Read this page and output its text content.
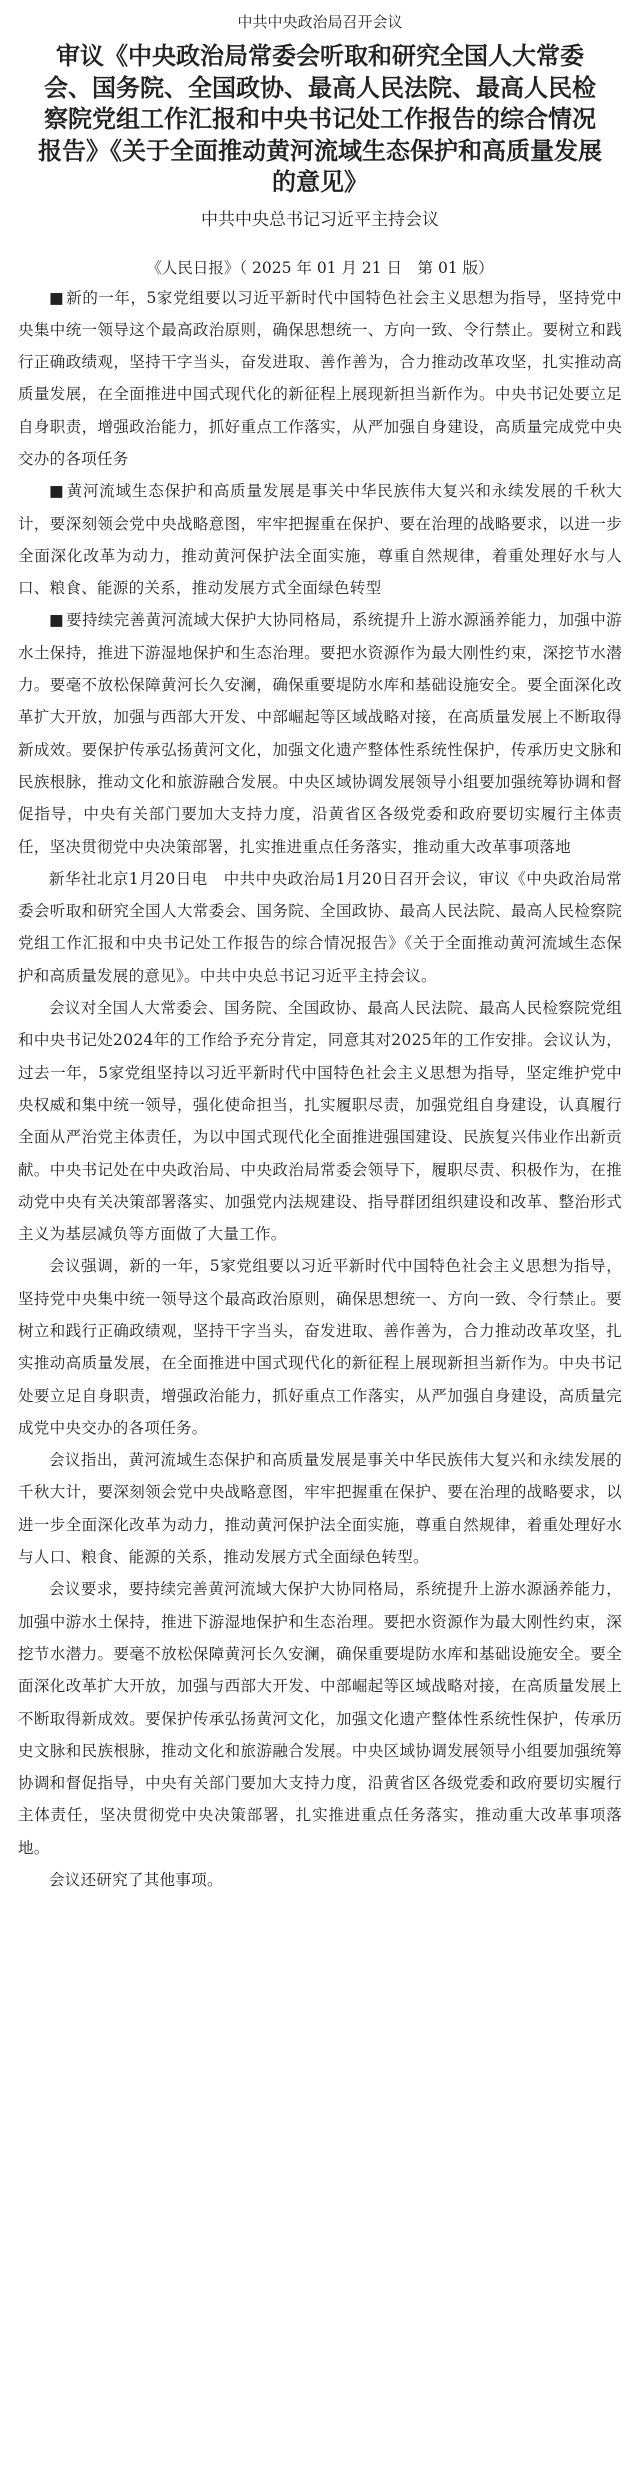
中共中央政治局召开会议
审议《中央政治局常委会听取和研究全国人大常委会、国务院、全国政协、最高人民法院、最高人民检察院党组工作汇报和中央书记处工作报告的综合情况报告》《关于全面推动黄河流域生态保护和高质量发展的意见》
中共中央总书记习近平主持会议
《人民日报》（ 2025 年 01 月 21 日　第 01 版）

■ 新的一年，5家党组要以习近平新时代中国特色社会主义思想为指导，坚持党中央集中统一领导这个最高政治原则，确保思想统一、方向一致、令行禁止。要树立和践行正确政绩观，坚持干字当头，奋发进取、善作善为，合力推动改革攻坚，扎实推动高质量发展，在全面推进中国式现代化的新征程上展现新担当新作为。中央书记处要立足自身职责，增强政治能力，抓好重点工作落实，从严加强自身建设，高质量完成党中央交办的各项任务

■ 黄河流域生态保护和高质量发展是事关中华民族伟大复兴和永续发展的千秋大计，要深刻领会党中央战略意图，牢牢把握重在保护、要在治理的战略要求，以进一步全面深化改革为动力，推动黄河保护法全面实施，尊重自然规律，着重处理好水与人口、粮食、能源的关系，推动发展方式全面绿色转型

■ 要持续完善黄河流域大保护大协同格局，系统提升上游水源涵养能力，加强中游水土保持，推进下游湿地保护和生态治理。要把水资源作为最大刚性约束，深挖节水潜力。要毫不放松保障黄河长久安澜，确保重要堤防水库和基础设施安全。要全面深化改革扩大开放，加强与西部大开发、中部崛起等区域战略对接，在高质量发展上不断取得新成效。要保护传承弘扬黄河文化，加强文化遗产整体性系统性保护，传承历史文脉和民族根脉，推动文化和旅游融合发展。中央区域协调发展领导小组要加强统筹协调和督促指导，中央有关部门要加大支持力度，沿黄省区各级党委和政府要切实履行主体责任，坚决贯彻党中央决策部署，扎实推进重点任务落实，推动重大改革事项落地

新华社北京1月20日电　中共中央政治局1月20日召开会议，审议《中央政治局常委会听取和研究全国人大常委会、国务院、全国政协、最高人民法院、最高人民检察院党组工作汇报和中央书记处工作报告的综合情况报告》《关于全面推动黄河流域生态保护和高质量发展的意见》。中共中央总书记习近平主持会议。

会议对全国人大常委会、国务院、全国政协、最高人民法院、最高人民检察院党组和中央书记处2024年的工作给予充分肯定，同意其对2025年的工作安排。会议认为，过去一年，5家党组坚持以习近平新时代中国特色社会主义思想为指导，坚定维护党中央权威和集中统一领导，强化使命担当，扎实履职尽责，加强党组自身建设，认真履行全面从严治党主体责任，为以中国式现代化全面推进强国建设、民族复兴伟业作出新贡献。中央书记处在中央政治局、中央政治局常委会领导下，履职尽责、积极作为，在推动党中央有关决策部署落实、加强党内法规建设、指导群团组织建设和改革、整治形式主义为基层减负等方面做了大量工作。

会议强调，新的一年，5家党组要以习近平新时代中国特色社会主义思想为指导，坚持党中央集中统一领导这个最高政治原则，确保思想统一、方向一致、令行禁止。要树立和践行正确政绩观，坚持干字当头，奋发进取、善作善为，合力推动改革攻坚，扎实推动高质量发展，在全面推进中国式现代化的新征程上展现新担当新作为。中央书记处要立足自身职责，增强政治能力，抓好重点工作落实，从严加强自身建设，高质量完成党中央交办的各项任务。

会议指出，黄河流域生态保护和高质量发展是事关中华民族伟大复兴和永续发展的千秋大计，要深刻领会党中央战略意图，牢牢把握重在保护、要在治理的战略要求，以进一步全面深化改革为动力，推动黄河保护法全面实施，尊重自然规律，着重处理好水与人口、粮食、能源的关系，推动发展方式全面绿色转型。

会议要求，要持续完善黄河流域大保护大协同格局，系统提升上游水源涵养能力，加强中游水土保持，推进下游湿地保护和生态治理。要把水资源作为最大刚性约束，深挖节水潜力。要毫不放松保障黄河长久安澜，确保重要堤防水库和基础设施安全。要全面深化改革扩大开放，加强与西部大开发、中部崛起等区域战略对接，在高质量发展上不断取得新成效。要保护传承弘扬黄河文化，加强文化遗产整体性系统性保护，传承历史文脉和民族根脉，推动文化和旅游融合发展。中央区域协调发展领导小组要加强统筹协调和督促指导，中央有关部门要加大支持力度，沿黄省区各级党委和政府要切实履行主体责任，坚决贯彻党中央决策部署，扎实推进重点任务落实，推动重大改革事项落地。

会议还研究了其他事项。
